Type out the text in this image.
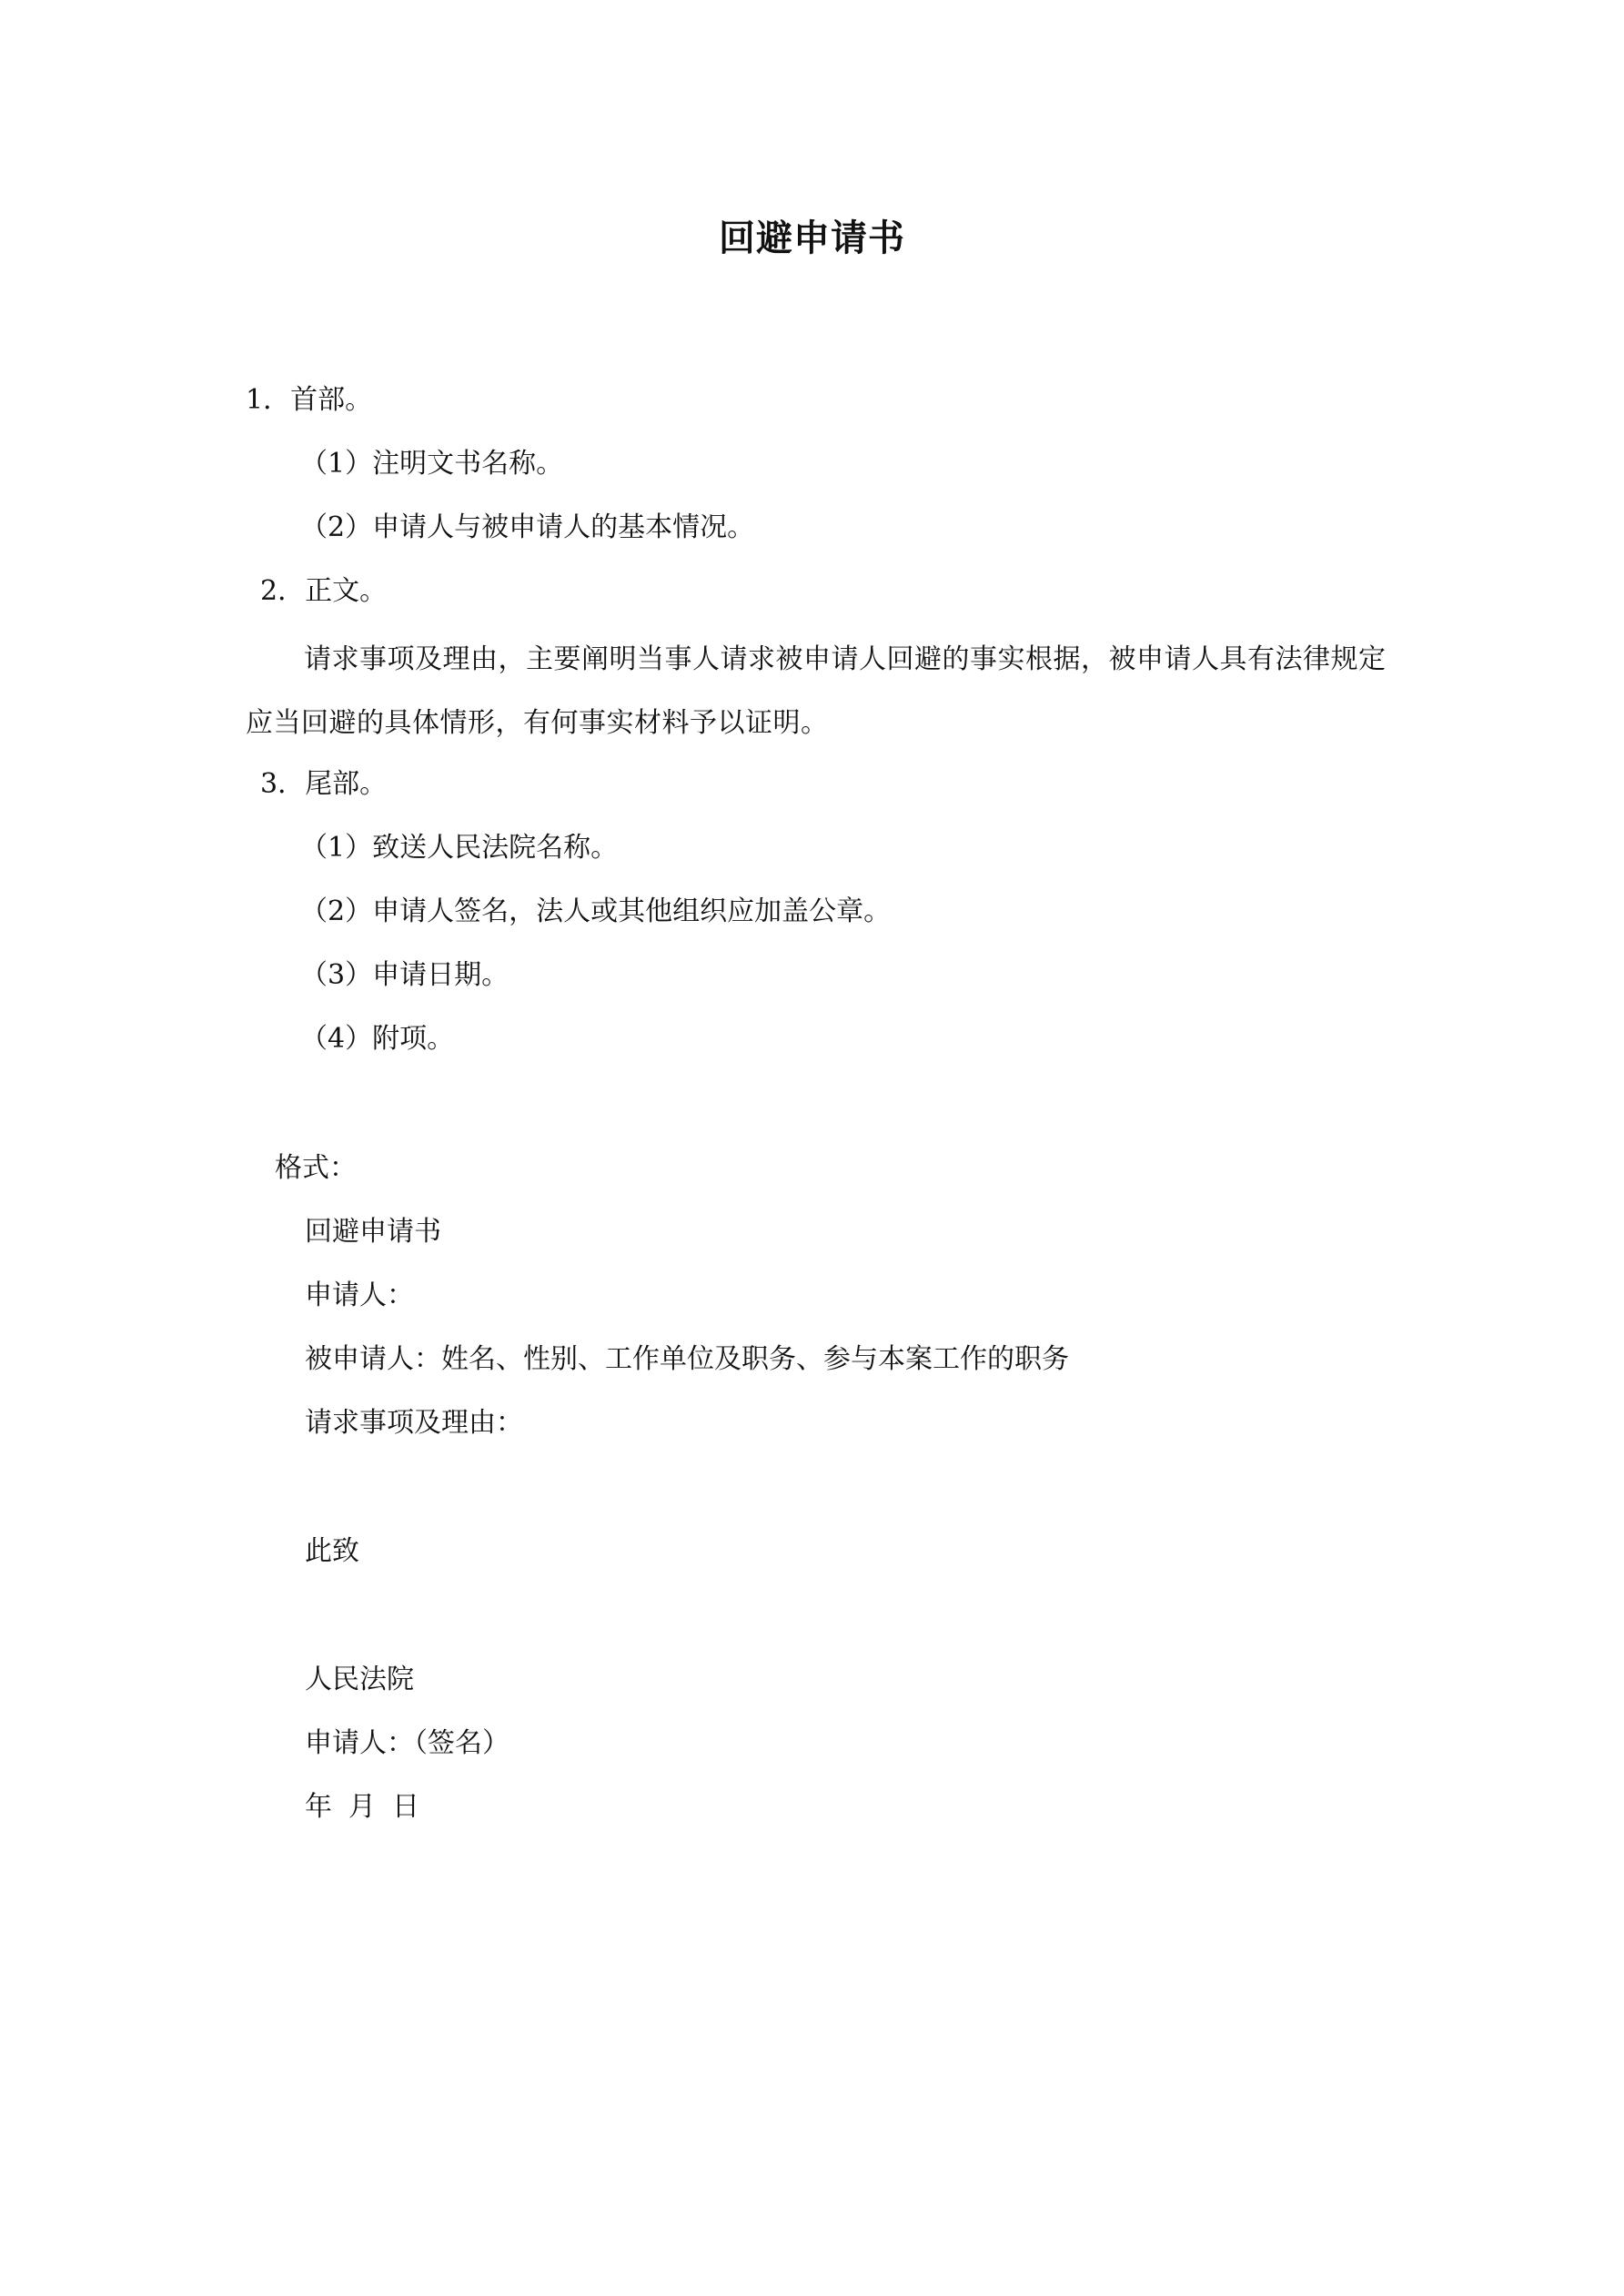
回避申请书
1．首部。
（1）注明文书名称。
（2）申请人与被申请人的基本情况。
2．正文。
请求事项及理由，主要阐明当事人请求被申请人回避的事实根据，被申请人具有法律规定应当回避的具体情形，有何事实材料予以证明。
3．尾部。
（1）致送人民法院名称。
（2）申请人签名，法人或其他组织应加盖公章。
（3）申请日期。
（4）附项。
格式：
回避申请书
申请人：
被申请人：姓名、性别、工作单位及职务、参与本案工作的职务
请求事项及理由：
此致
人民法院
申请人：（签名）
年 月 日
